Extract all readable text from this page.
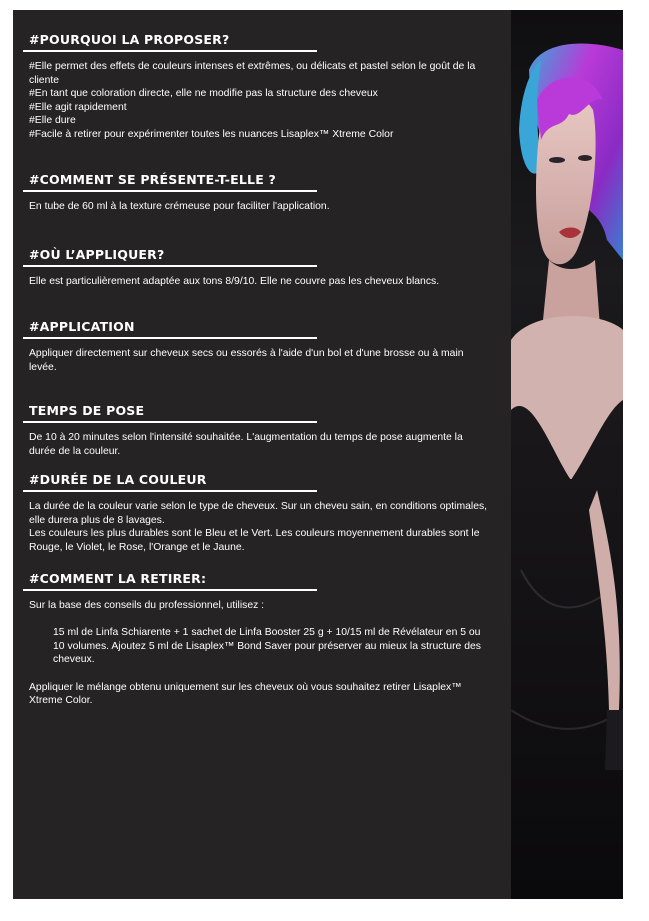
#POURQUOI LA PROPOSER?

#Elle permet des effets de couleurs intenses et extrêmes, ou délicats et pastel selon le goût de la cliente

#En tant que coloration directe, elle ne modifie pas la structure des cheveux

#Elle agit rapidement

#Elle dure

#Facile à retirer pour expérimenter toutes les nuances Lisaplex™ Xtreme Color

#COMMENT SE PRÉSENTE-T-ELLE ?

En tube de 60 ml à la texture crémeuse pour faciliter l'application.

#OÙ L’APPLIQUER?

Elle est particulièrement adaptée aux tons 8/9/10. Elle ne couvre pas les cheveux blancs.

#APPLICATION

Appliquer directement sur cheveux secs ou essorés à l'aide d'un bol et d'une brosse ou à main levée.

TEMPS DE POSE

De 10 à 20 minutes selon l'intensité souhaitée. L'augmentation du temps de pose augmente la durée de la couleur.

#DURÉE DE LA COULEUR

La durée de la couleur varie selon le type de cheveux. Sur un cheveu sain, en conditions optimales, elle durera plus de 8 lavages.

Les couleurs les plus durables sont le Bleu et le Vert. Les couleurs moyennement durables sont le Rouge, le Violet, le Rose, l'Orange et le Jaune.

#COMMENT LA RETIRER:

Sur la base des conseils du professionnel, utilisez :

15 ml de Linfa Schiarente + 1 sachet de Linfa Booster 25 g + 10/15 ml de Révélateur en 5 ou 10 volumes. Ajoutez 5 ml de Lisaplex™ Bond Saver pour préserver au mieux la structure des cheveux.

Appliquer le mélange obtenu uniquement sur les cheveux où vous souhaitez retirer Lisaplex™ Xtreme Color.
